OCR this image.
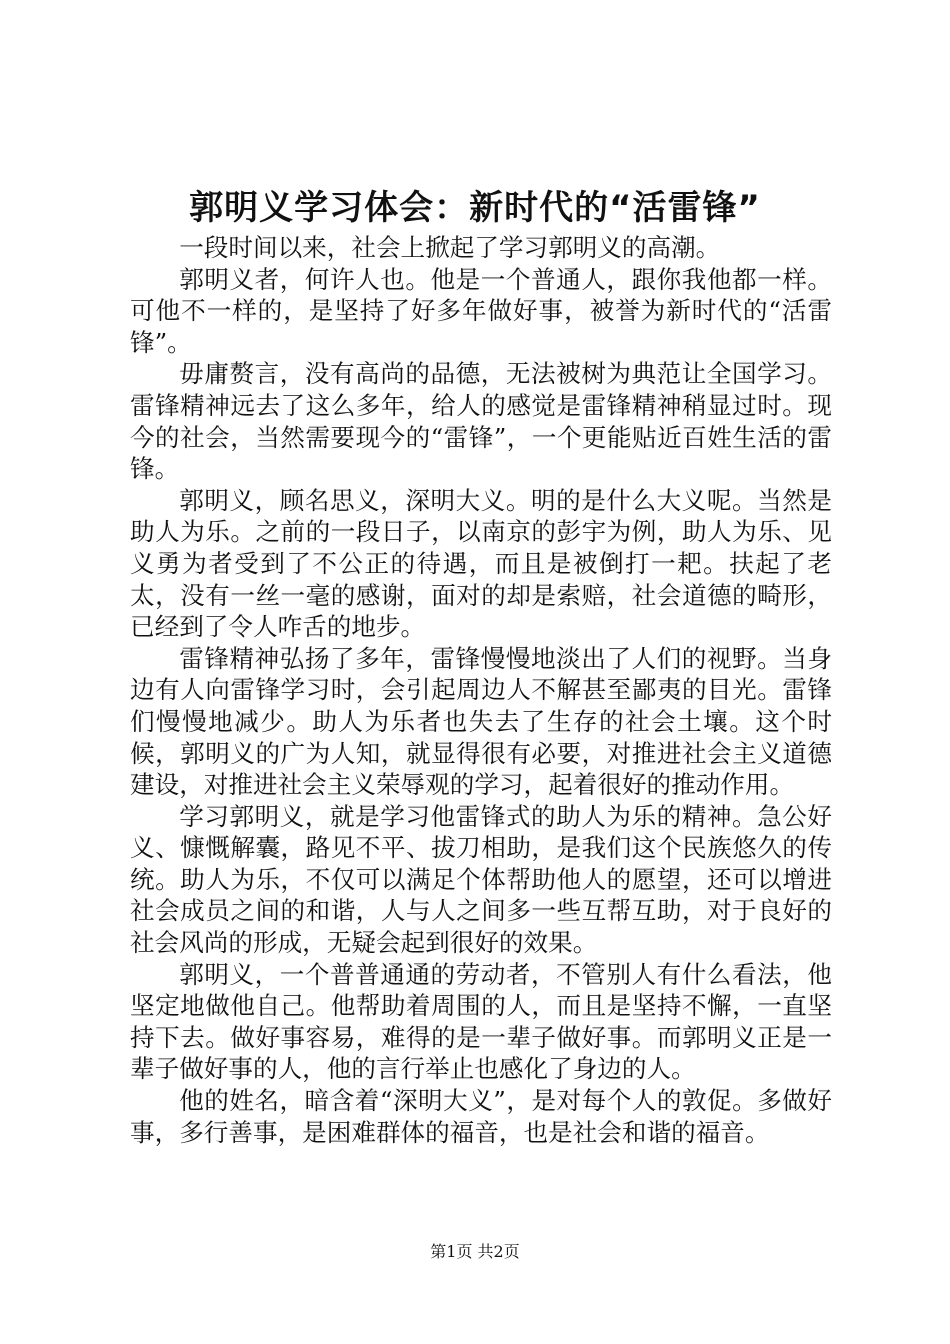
郭明义学习体会：新时代的“活雷锋”

一段时间以来，社会上掀起了学习郭明义的高潮。

郭明义者，何许人也。他是一个普通人，跟你我他都一样。可他不一样的，是坚持了好多年做好事，被誉为新时代的“活雷锋”。

毋庸赘言，没有高尚的品德，无法被树为典范让全国学习。雷锋精神远去了这么多年，给人的感觉是雷锋精神稍显过时。现今的社会，当然需要现今的“雷锋”，一个更能贴近百姓生活的雷锋。

郭明义，顾名思义，深明大义。明的是什么大义呢。当然是助人为乐。之前的一段日子，以南京的彭宇为例，助人为乐、见义勇为者受到了不公正的待遇，而且是被倒打一耙。扶起了老太，没有一丝一毫的感谢，面对的却是索赔，社会道德的畸形，已经到了令人咋舌的地步。

雷锋精神弘扬了多年，雷锋慢慢地淡出了人们的视野。当身边有人向雷锋学习时，会引起周边人不解甚至鄙夷的目光。雷锋们慢慢地减少。助人为乐者也失去了生存的社会土壤。这个时候，郭明义的广为人知，就显得很有必要，对推进社会主义道德建设，对推进社会主义荣辱观的学习，起着很好的推动作用。

学习郭明义，就是学习他雷锋式的助人为乐的精神。急公好义、慷慨解囊，路见不平、拔刀相助，是我们这个民族悠久的传统。助人为乐，不仅可以满足个体帮助他人的愿望，还可以增进社会成员之间的和谐，人与人之间多一些互帮互助，对于良好的社会风尚的形成，无疑会起到很好的效果。

郭明义，一个普普通通的劳动者，不管别人有什么看法，他坚定地做他自己。他帮助着周围的人，而且是坚持不懈，一直坚持下去。做好事容易，难得的是一辈子做好事。而郭明义正是一辈子做好事的人，他的言行举止也感化了身边的人。

他的姓名，暗含着“深明大义”，是对每个人的敦促。多做好事，多行善事，是困难群体的福音，也是社会和谐的福音。

第1页 共2页
